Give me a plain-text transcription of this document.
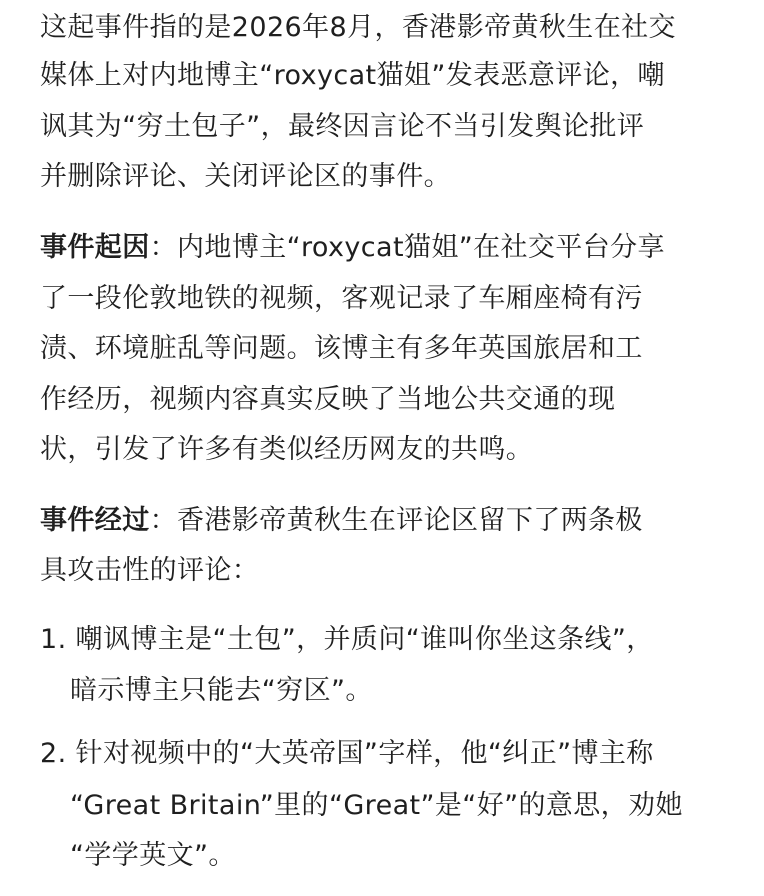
这起事件指的是2026年8月，香港影帝黄秋生在社交
媒体上对内地博主“roxycat猫姐”发表恶意评论，嘲
讽其为“穷土包子”，最终因言论不当引发舆论批评
并删除评论、关闭评论区的事件。
事件起因：内地博主“roxycat猫姐”在社交平台分享
了一段伦敦地铁的视频，客观记录了车厢座椅有污
渍、环境脏乱等问题。该博主有多年英国旅居和工
作经历，视频内容真实反映了当地公共交通的现
状，引发了许多有类似经历网友的共鸣。
事件经过：香港影帝黄秋生在评论区留下了两条极
具攻击性的评论：
1. 嘲讽博主是“土包”，并质问“谁叫你坐这条线”，
暗示博主只能去“穷区”。
2. 针对视频中的“大英帝国”字样，他“纠正”博主称
“Great Britain”里的“Great”是“好”的意思，劝她
“学学英文”。
